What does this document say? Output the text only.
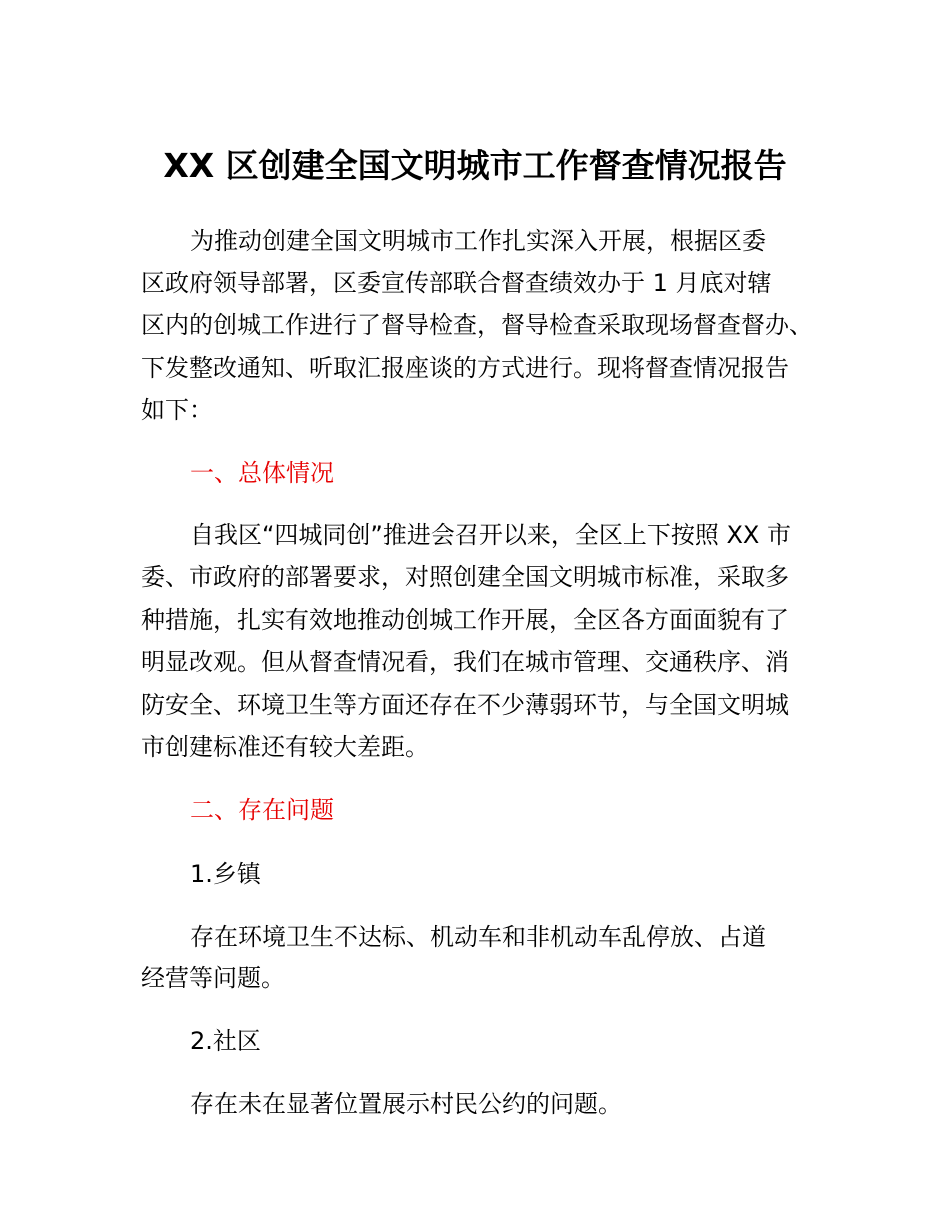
XX 区创建全国文明城市工作督查情况报告
为推动创建全国文明城市工作扎实深入开展，根据区委
区政府领导部署，区委宣传部联合督查绩效办于 1 月底对辖
区内的创城工作进行了督导检查，督导检查采取现场督查督办、
下发整改通知、听取汇报座谈的方式进行。现将督查情况报告
如下：
一、总体情况
自我区“四城同创”推进会召开以来，全区上下按照 XX 市
委、市政府的部署要求，对照创建全国文明城市标准，采取多
种措施，扎实有效地推动创城工作开展，全区各方面面貌有了
明显改观。但从督查情况看，我们在城市管理、交通秩序、消
防安全、环境卫生等方面还存在不少薄弱环节，与全国文明城
市创建标准还有较大差距。
二、存在问题
1.乡镇
存在环境卫生不达标、机动车和非机动车乱停放、占道
经营等问题。
2.社区
存在未在显著位置展示村民公约的问题。
